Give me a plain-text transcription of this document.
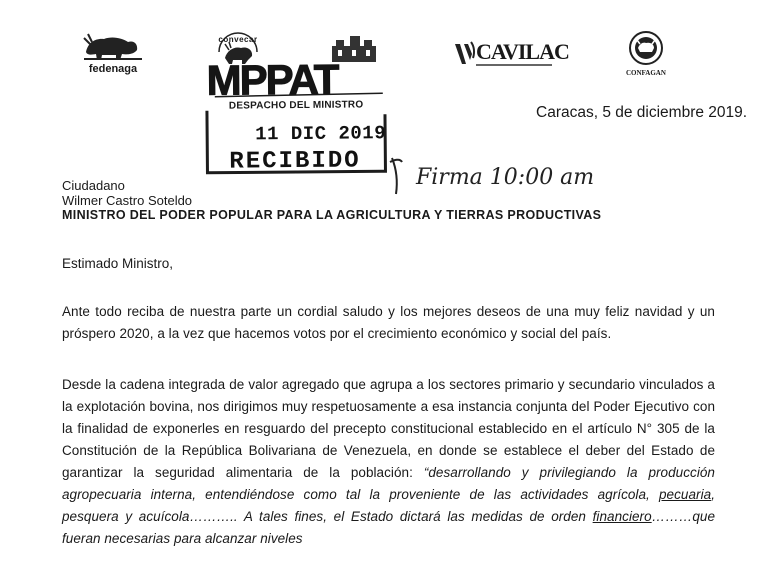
fedenaga
convecar	CAVILAC
CONFAGAN
MPPAT
DESPACHO DEL MINISTRO
11 DIC 2019
RECIBIDO
Firma 10:00 am
Caracas, 5 de diciembre 2019.
Ciudadano
Wilmer Castro Soteldo
MINISTRO DEL PODER POPULAR PARA LA AGRICULTURA Y TIERRAS PRODUCTIVAS
Estimado Ministro,
Ante todo reciba de nuestra parte un cordial saludo y los mejores deseos de una muy feliz navidad y un próspero 2020, a la vez que hacemos votos por el crecimiento económico y social del país.
Desde la cadena integrada de valor agregado que agrupa a los sectores primario y secundario vinculados a la explotación bovina, nos dirigimos muy respetuosamente a esa instancia conjunta del Poder Ejecutivo con la finalidad de exponerles en resguardo del precepto constitucional establecido en el artículo N° 305 de la Constitución de la República Bolivariana de Venezuela, en donde se establece el deber del Estado de garantizar la seguridad alimentaria de la población: “desarrollando y privilegiando la producción agropecuaria interna, entendiéndose como tal la proveniente de las actividades agrícola, pecuaria, pesquera y acuícola……….. A tales fines, el Estado dictará las medidas de orden financiero………que fueran necesarias para alcanzar niveles
